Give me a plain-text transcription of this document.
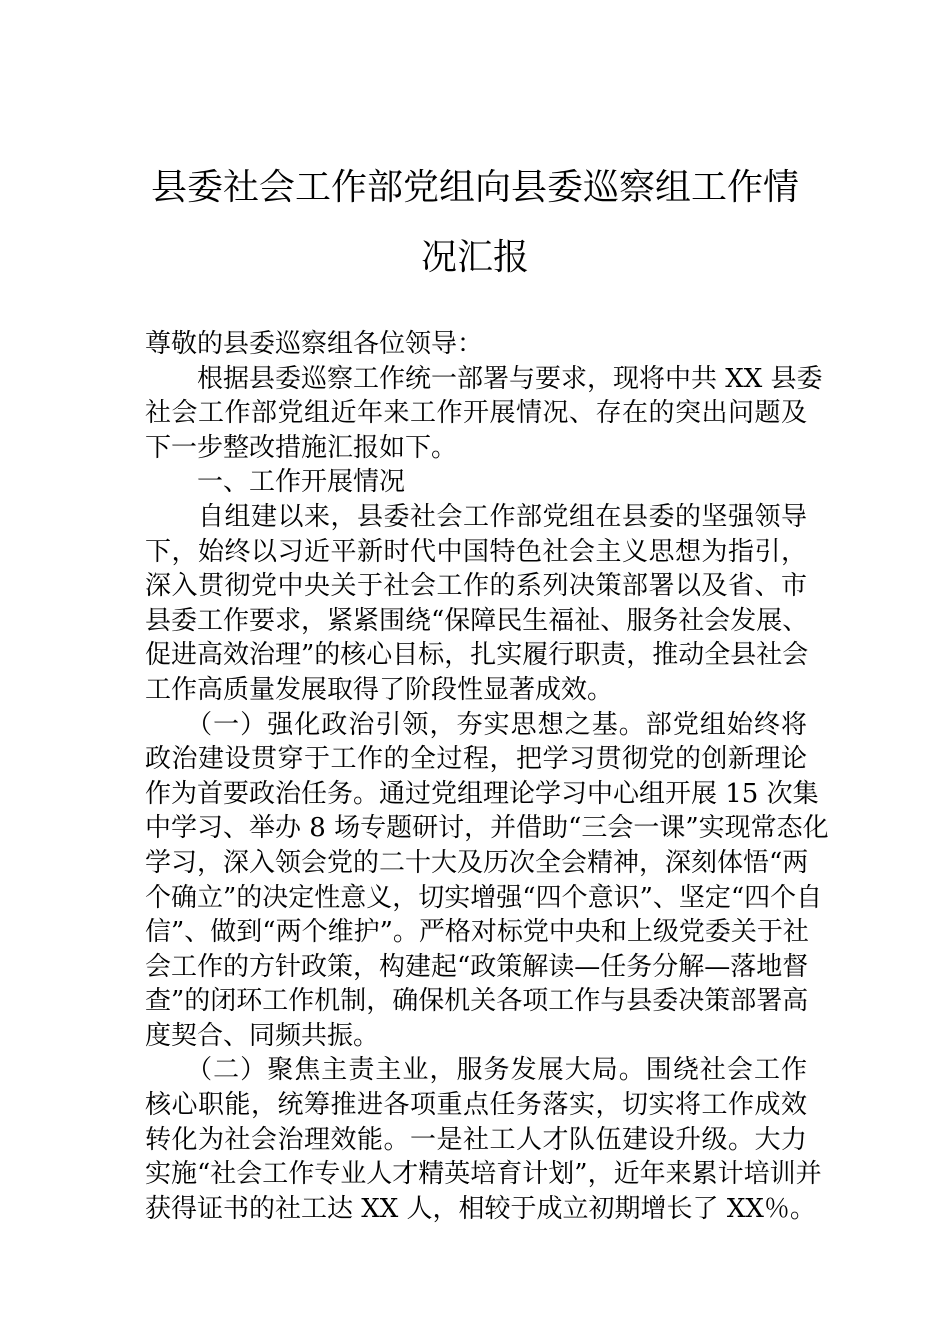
县委社会工作部党组向县委巡察组工作情
况汇报
尊敬的县委巡察组各位领导：
　　根据县委巡察工作统一部署与要求，现将中共 XX 县委
社会工作部党组近年来工作开展情况、存在的突出问题及
下一步整改措施汇报如下。
　　一、工作开展情况
　　自组建以来，县委社会工作部党组在县委的坚强领导
下，始终以习近平新时代中国特色社会主义思想为指引，
深入贯彻党中央关于社会工作的系列决策部署以及省、市
县委工作要求，紧紧围绕“保障民生福祉、服务社会发展、
促进高效治理”的核心目标，扎实履行职责，推动全县社会
工作高质量发展取得了阶段性显著成效。
　　（一）强化政治引领，夯实思想之基。部党组始终将
政治建设贯穿于工作的全过程，把学习贯彻党的创新理论
作为首要政治任务。通过党组理论学习中心组开展 15 次集
中学习、举办 8 场专题研讨，并借助“三会一课”实现常态化
学习，深入领会党的二十大及历次全会精神，深刻体悟“两
个确立”的决定性意义，切实增强“四个意识”、坚定“四个自
信”、做到“两个维护”。严格对标党中央和上级党委关于社
会工作的方针政策，构建起“政策解读—任务分解—落地督
查”的闭环工作机制，确保机关各项工作与县委决策部署高
度契合、同频共振。
　　（二）聚焦主责主业，服务发展大局。围绕社会工作
核心职能，统筹推进各项重点任务落实，切实将工作成效
转化为社会治理效能。一是社工人才队伍建设升级。大力
实施“社会工作专业人才精英培育计划”，近年来累计培训并
获得证书的社工达 XX 人，相较于成立初期增长了 XX％。
